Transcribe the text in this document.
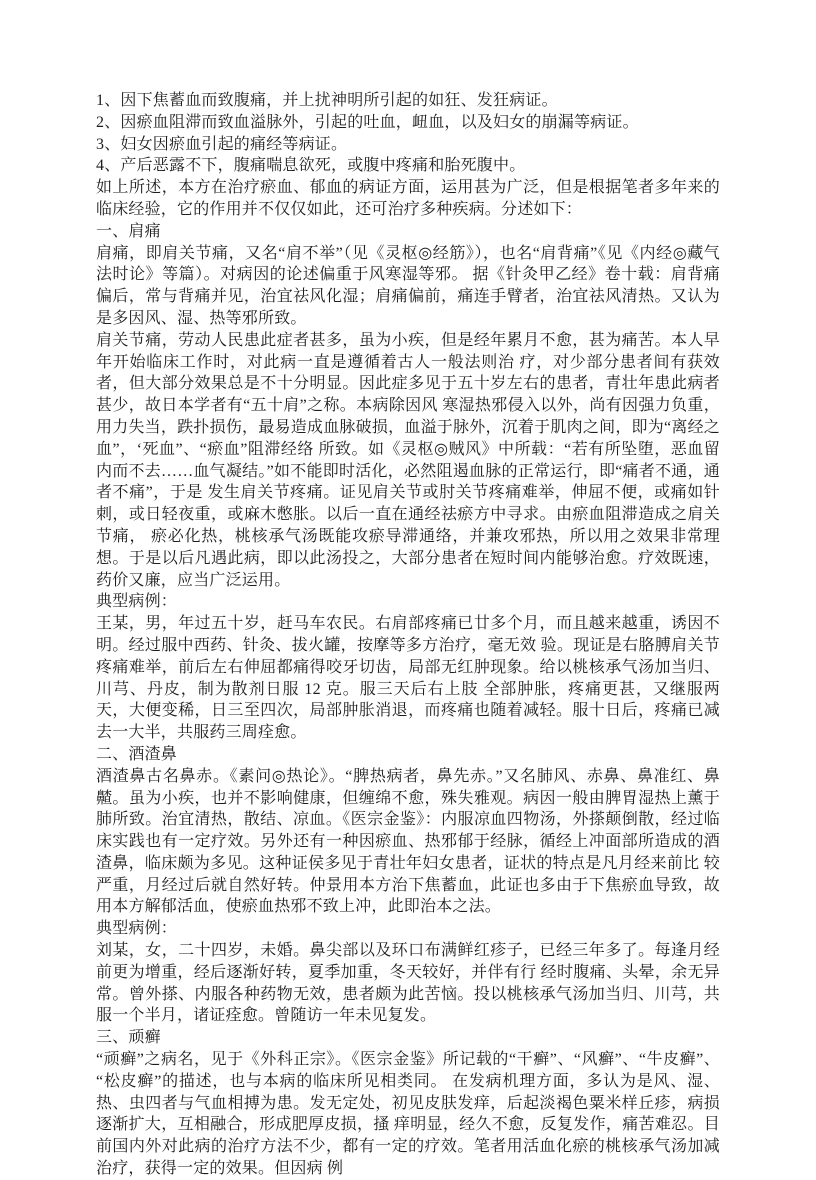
1、因下焦蓄血而致腹痛，并上扰神明所引起的如狂、发狂病证。

2、因瘀血阻滞而致血溢脉外，引起的吐血，衄血，以及妇女的崩漏等病证。

3、妇女因瘀血引起的痛经等病证。

4、产后恶露不下，腹痛喘息欲死，或腹中疼痛和胎死腹中。

如上所述，本方在治疗瘀血、郁血的病证方面，运用甚为广泛，但是根据笔者多年来的临床经验，它的作用并不仅仅如此，还可治疗多种疾病。分述如下：

一、肩痛

肩痛，即肩关节痛，又名“肩不举”（见《灵枢◎经筋》），也名“肩背痛”《见《内经◎藏气法时论》等篇）。对病因的论述偏重于风寒湿等邪。 据《针灸甲乙经》卷十载：肩背痛偏后，常与背痛并见，治宜祛风化湿；肩痛偏前，痛连手臂者，治宜祛风清热。又认为是多因风、湿、热等邪所致。

肩关节痛，劳动人民患此症者甚多，虽为小疾，但是经年累月不愈，甚为痛苦。本人早年开始临床工作时，对此病一直是遵循着古人一般法则治 疗，对少部分患者间有获效者，但大部分效果总是不十分明显。因此症多见于五十岁左右的患者，青壮年患此病者甚少，故日本学者有“五十肩”之称。本病除因风 寒湿热邪侵入以外，尚有因强力负重，用力失当，跌扑损伤，最易造成血脉破损，血溢于脉外，沉着于肌肉之间，即为“离经之血”，‘死血”、“瘀血”阻滞经络 所致。如《灵枢◎贼风》中所载：“若有所坠堕，恶血留内而不去……血气凝结。”如不能即时活化，必然阻遏血脉的正常运行，即“痛者不通，通者不痛”，于是 发生肩关节疼痛。证见肩关节或肘关节疼痛难举，伸屈不便，或痛如针刺，或日轻夜重，或麻木憋胀。以后一直在通经祛瘀方中寻求。由瘀血阻滞造成之肩关节痛， 瘀必化热，桃核承气汤既能攻瘀导滞通络，并兼攻邪热，所以用之效果非常理想。于是以后凡遇此病，即以此汤投之，大部分患者在短时间内能够治愈。疗效既速， 药价又廉，应当广泛运用。

典型病例：

王某，男，年过五十岁，赶马车农民。右肩部疼痛已廿多个月，而且越来越重，诱因不明。经过服中西药、针灸、拔火罐，按摩等多方治疗，毫无效 验。现证是右胳膊肩关节疼痛难举，前后左右伸屈都痛得咬牙切齿，局部无红肿现象。给以桃核承气汤加当归、川芎、丹皮，制为散剂日服 12 克。服三天后右上肢 全部肿胀，疼痛更甚，又继服两天，大便变稀，日三至四次，局部肿胀消退，而疼痛也随着减轻。服十日后，疼痛已减去一大半，共服药三周痊愈。

二、酒渣鼻

酒渣鼻古名鼻赤。《素问◎热论》。“脾热病者，鼻先赤。”又名肺风、赤鼻、鼻准红、鼻齄。虽为小疾，也并不影响健康，但缠绵不愈，殊失雅观。病因一般由脾胃湿热上薰于肺所致。治宜清热，散结、凉血。《医宗金鉴》：内服凉血四物汤，外搽颠倒散，经过临床实践也有一定疗效。另外还有一种因瘀血、热邪郁于经脉，循经上冲面部所造成的酒渣鼻，临床颇为多见。这种证侯多见于青壮年妇女患者，证状的特点是凡月经来前比 较严重，月经过后就自然好转。仲景用本方治下焦蓄血，此证也多由于下焦瘀血导致，故用本方解郁活血，使瘀血热邪不致上冲，此即治本之法。

典型病例：

刘某，女，二十四岁，未婚。鼻尖部以及环口布满鲜红疹子，已经三年多了。每逢月经前更为增重，经后逐渐好转，夏季加重，冬天较好，并伴有行 经时腹痛、头晕，余无异常。曾外搽、内服各种药物无效，患者颇为此苦恼。投以桃核承气汤加当归、川芎，共服一个半月，诸证痊愈。曾随访一年未见复发。

三、顽癣

“顽癣”之病名，见于《外科正宗》。《医宗金鉴》所记载的“干癣”、“风癣”、“牛皮癣”、“松皮癣”的描述，也与本病的临床所见相类同。 在发病机理方面，多认为是风、湿、热、虫四者与气血相搏为患。发无定处，初见皮肤发痒，后起淡褐色粟米样丘疹，病损逐渐扩大，互相融合，形成肥厚皮损，搔 痒明显，经久不愈，反复发作，痛苦难忍。目前国内外对此病的治疗方法不少，都有一定的疗效。笔者用活血化瘀的桃核承气汤加减治疗，获得一定的效果。但因病 例
